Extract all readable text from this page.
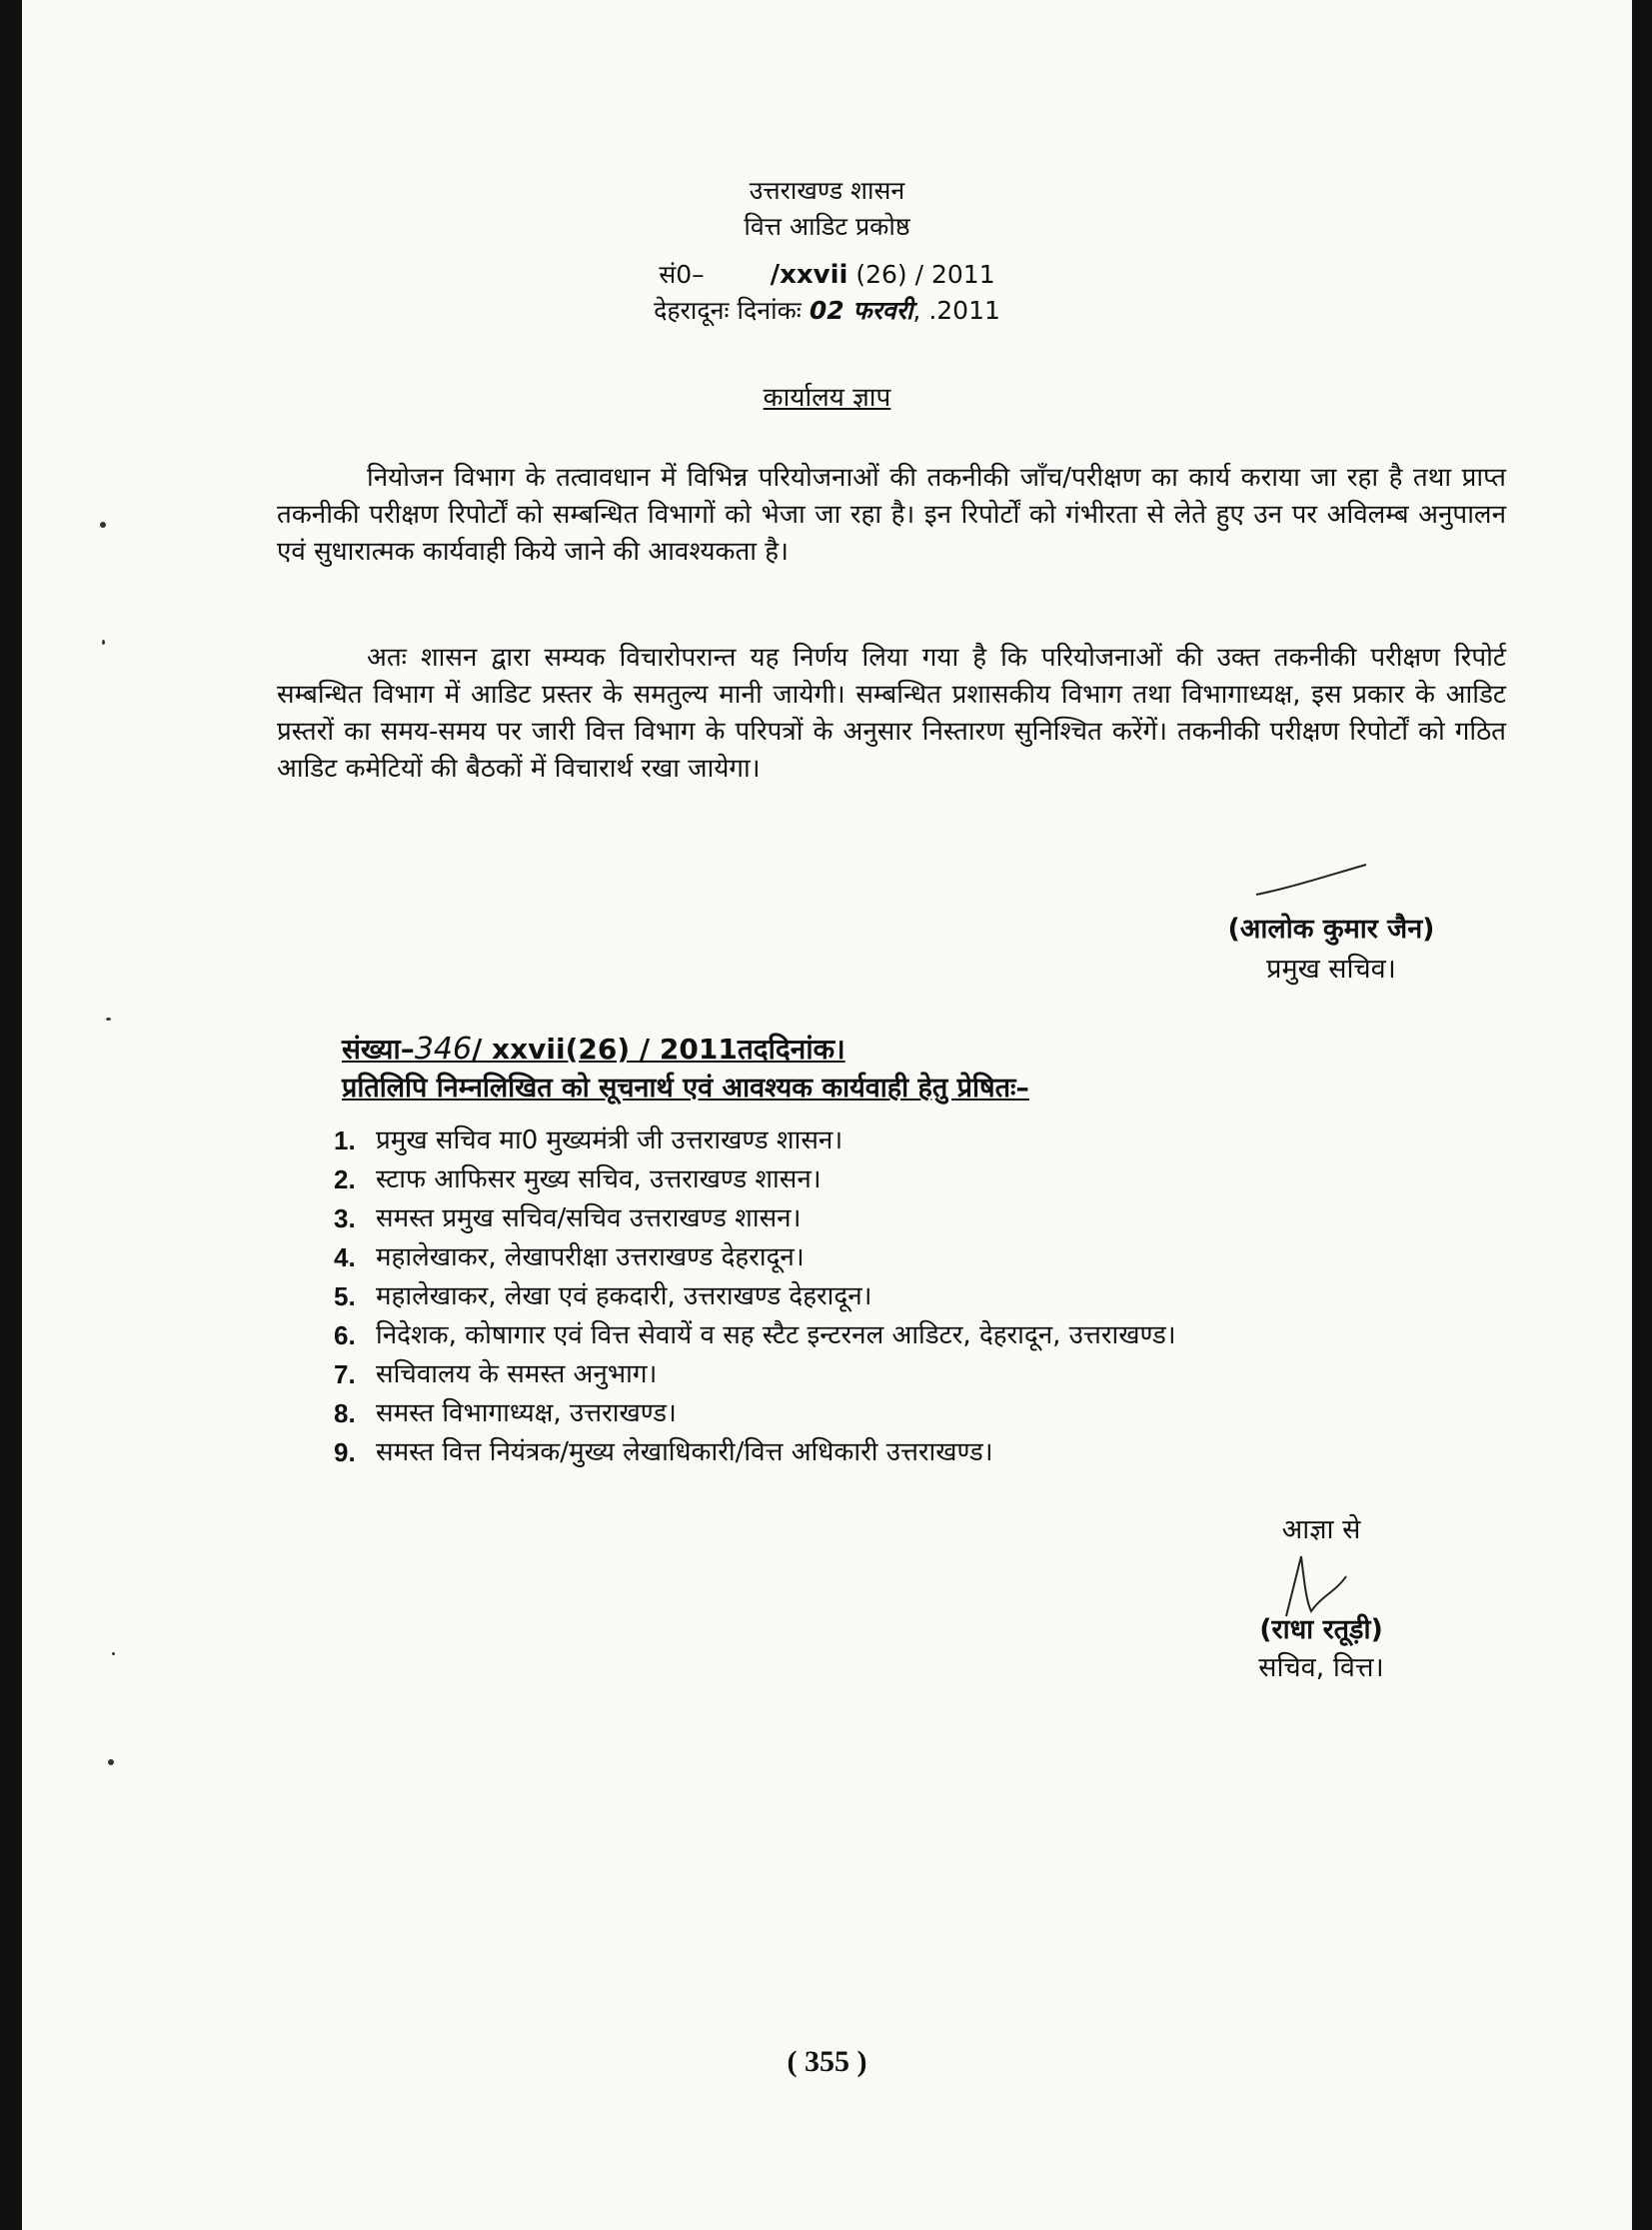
उत्तराखण्ड शासन
वित्त आडिट प्रकोष्ठ
सं0–	/xxvii (26) / 2011
देहरादूनः दिनांकः 02 फरवरी, .2011
कार्यालय ज्ञाप
नियोजन विभाग के तत्वावधान में विभिन्न परियोजनाओं की तकनीकी जाँच/परीक्षण का कार्य कराया जा रहा है तथा प्राप्त तकनीकी परीक्षण रिपोर्टों को सम्बन्धित विभागों को भेजा जा रहा है। इन रिपोर्टों को गंभीरता से लेते हुए उन पर अविलम्ब अनुपालन एवं सुधारात्मक कार्यवाही किये जाने की आवश्यकता है।
अतः शासन द्वारा सम्यक विचारोपरान्त यह निर्णय लिया गया है कि परियोजनाओं की उक्त तकनीकी परीक्षण रिपोर्ट सम्बन्धित विभाग में आडिट प्रस्तर के समतुल्य मानी जायेगी। सम्बन्धित प्रशासकीय विभाग तथा विभागाध्यक्ष, इस प्रकार के आडिट प्रस्तरों का समय-समय पर जारी वित्त विभाग के परिपत्रों के अनुसार निस्तारण सुनिश्चित करेंगें। तकनीकी परीक्षण रिपोर्टों को गठित आडिट कमेटियों की बैठकों में विचारार्थ रखा जायेगा।
(आलोक कुमार जैन)
प्रमुख सचिव।
संख्या–346/ xxvii(26) / 2011तददिनांक।
प्रतिलिपि निम्नलिखित को सूचनार्थ एवं आवश्यक कार्यवाही हेतु प्रेषितः–
1. प्रमुख सचिव मा0 मुख्यमंत्री जी उत्तराखण्ड शासन।
2. स्टाफ आफिसर मुख्य सचिव, उत्तराखण्ड शासन।
3. समस्त प्रमुख सचिव/सचिव उत्तराखण्ड शासन।
4. महालेखाकर, लेखापरीक्षा उत्तराखण्ड देहरादून।
5. महालेखाकर, लेखा एवं हकदारी, उत्तराखण्ड देहरादून।
6. निदेशक, कोषागार एवं वित्त सेवायें व सह स्टैट इन्टरनल आडिटर, देहरादून, उत्तराखण्ड।
7. सचिवालय के समस्त अनुभाग।
8. समस्त विभागाध्यक्ष, उत्तराखण्ड।
9. समस्त वित्त नियंत्रक/मुख्य लेखाधिकारी/वित्त अधिकारी उत्तराखण्ड।
आज्ञा से
(राधा रतूड़ी)
सचिव, वित्त।
( 355 )
